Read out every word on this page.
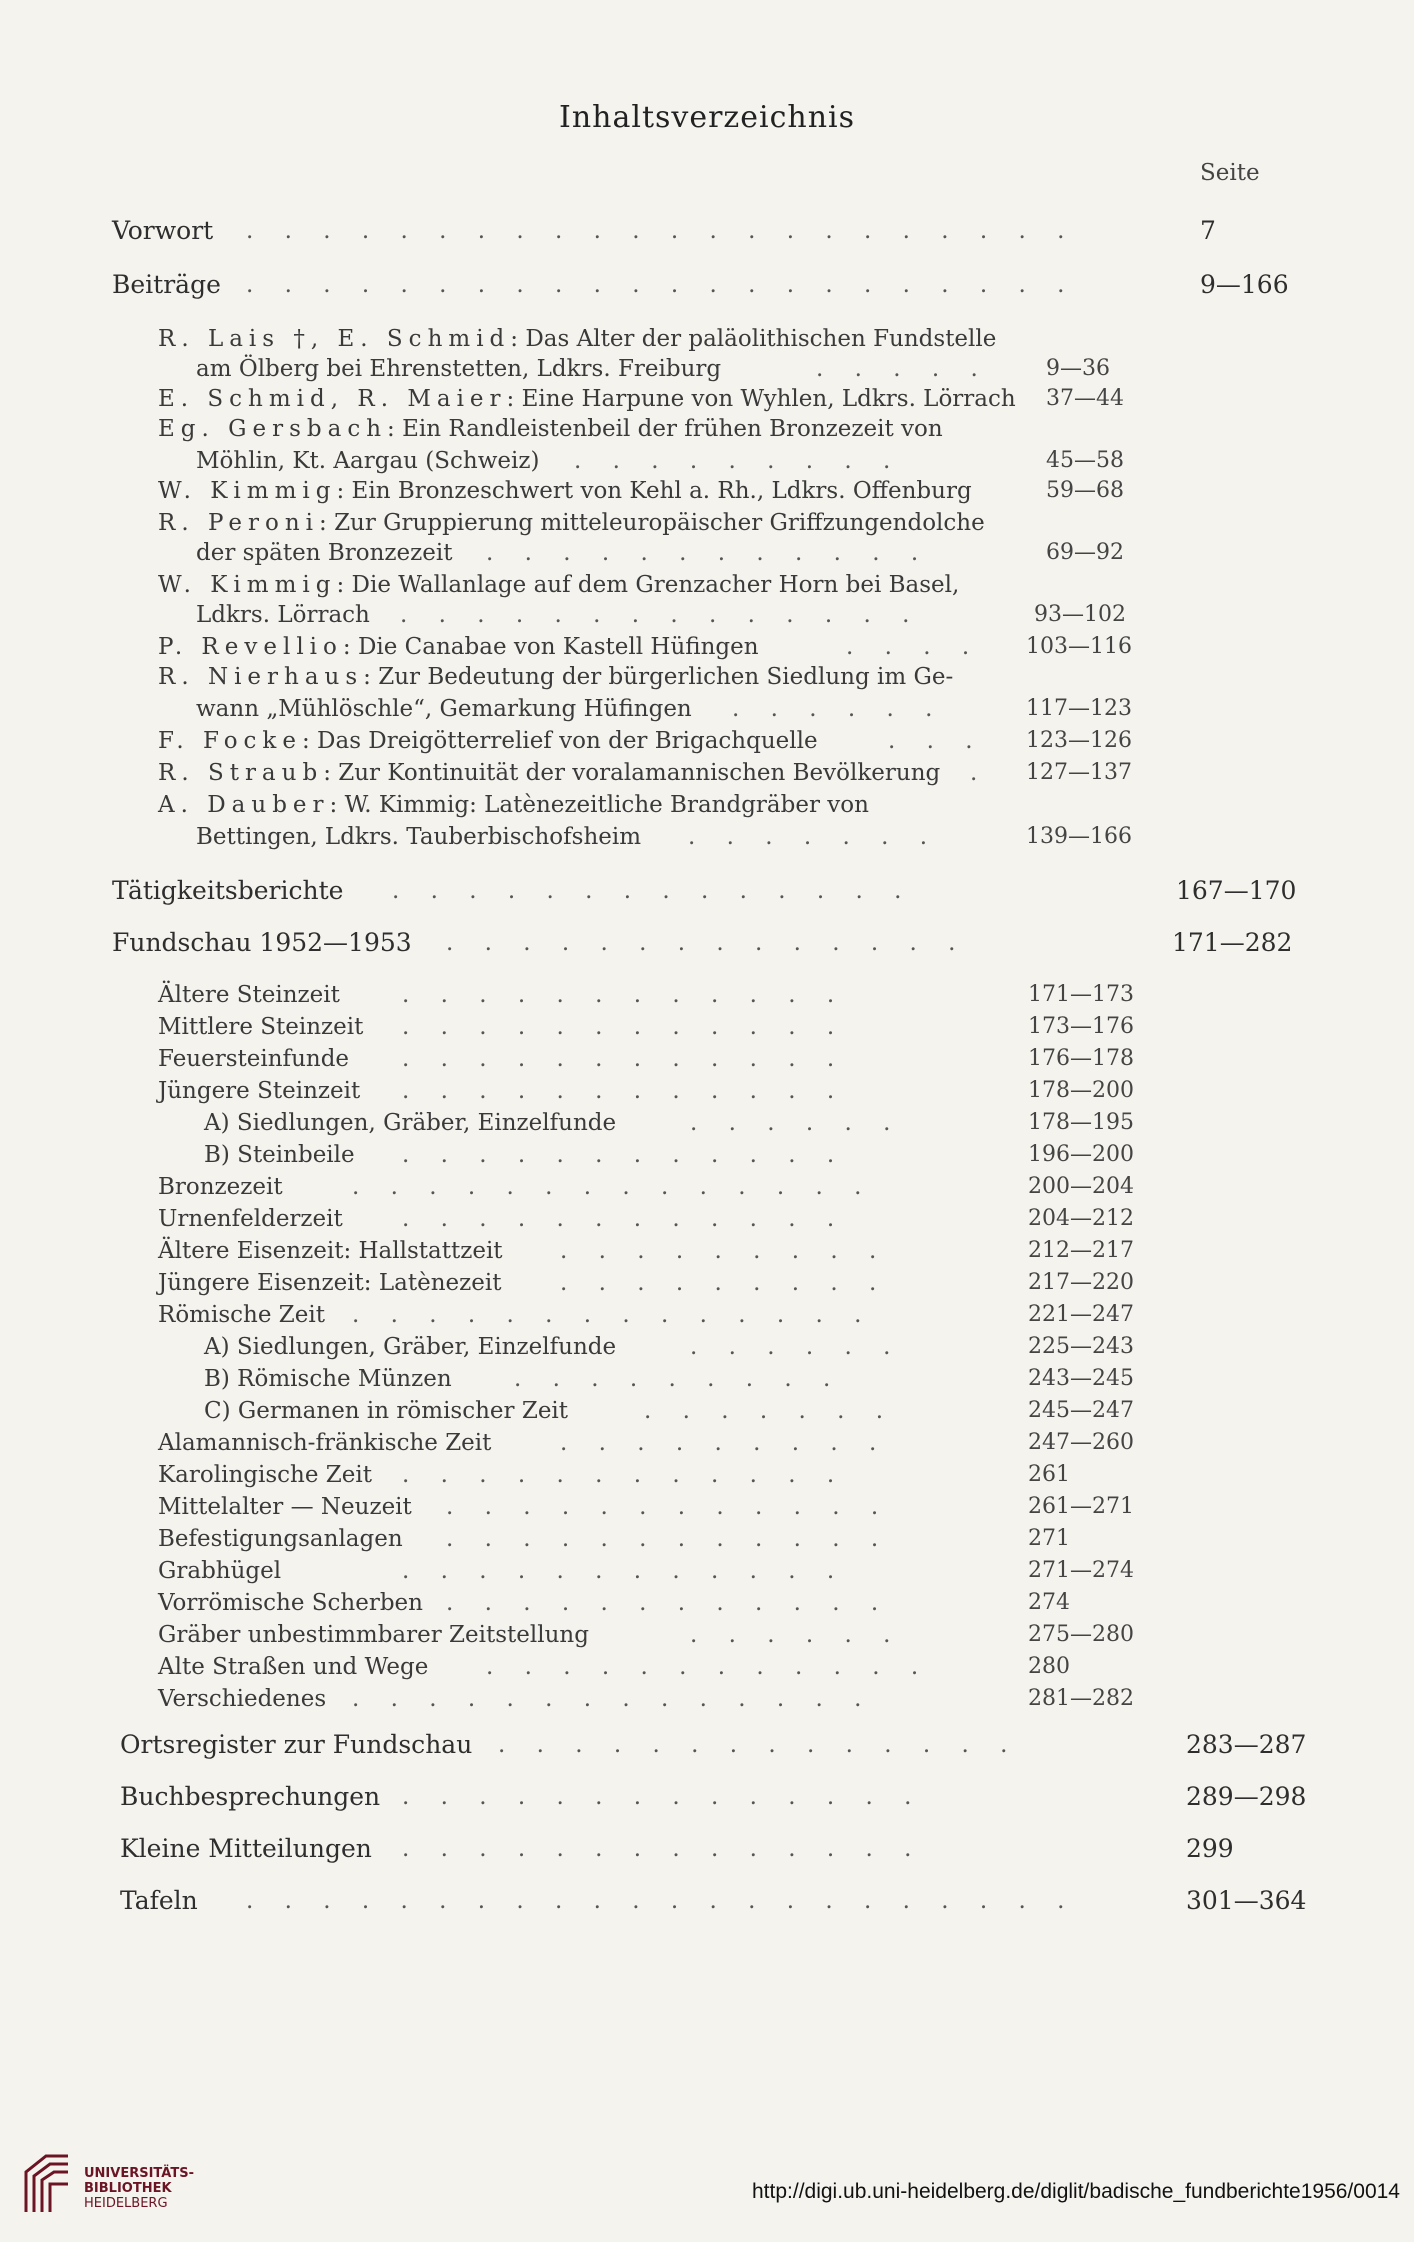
Inhaltsverzeichnis
Seite
Vorwort . . . . . . . . . . . . . . . . . . . . . .	7
Beiträge . . . . . . . . . . . . . . . . . . . . . .	9—166
R. Lais †, E. Schmid: Das Alter der paläolithischen Fundstelle
am Ölberg bei Ehrenstetten, Ldkrs. Freiburg	. . . . .	9—36
E. Schmid, R. Maier: Eine Harpune von Wyhlen, Ldkrs. Lörrach 37—44
Eg. Gersbach: Ein Randleistenbeil der frühen Bronzezeit von
Möhlin, Kt. Aargau (Schweiz) . . . . . . . . .	45—58
W. Kimmig: Ein Bronzeschwert von Kehl a. Rh., Ldkrs. Offenburg	59—68
R. Peroni: Zur Gruppierung mitteleuropäischer Griffzungendolche
der späten Bronzezeit . . . . . . . . . . . .	69—92
W. Kimmig: Die Wallanlage auf dem Grenzacher Horn bei Basel,
Ldkrs. Lörrach . . . . . . . . . . . . . .	93—102
P. Revellio: Die Canabae von Kastell Hüfingen	. . . . 103—116
R. Nierhaus: Zur Bedeutung der bürgerlichen Siedlung im Ge-
wann „Mühlöschle“, Gemarkung Hüfingen . . . . . .	117—123
F. Focke: Das Dreigötterrelief von der Brigachquelle	. . . 123—126
R. Straub: Zur Kontinuität der voralamannischen Bevölkerung . 127—137
A. Dauber: W. Kimmig: Latènezeitliche Brandgräber von
Bettingen, Ldkrs. Tauberbischofsheim . . . . . . .	139—166
Tätigkeitsberichte . . . . . . . . . . . . . .	167—170
Fundschau 1952—1953 . . . . . . . . . . . . . .	171—282
Ältere Steinzeit	. . . . . . . . . . . .	171—173
Mittlere Steinzeit . . . . . . . . . . . .	173—176
Feuersteinfunde . . . . . . . . . . . .	176—178
Jüngere Steinzeit . . . . . . . . . . . .	178—200
A) Siedlungen, Gräber, Einzelfunde	. . . . . .	178—195
B) Steinbeile . . . . . . . . . . . .	196—200
Bronzezeit	. . . . . . . . . . . . . .	200—204
Urnenfelderzeit	. . . . . . . . . . . .	204—212
Ältere Eisenzeit: Hallstattzeit . . . . . . . . .	212—217
Jüngere Eisenzeit: Latènezeit	. . . . . . . . .	217—220
Römische Zeit . . . . . . . . . . . . . .	221—247
A) Siedlungen, Gräber, Einzelfunde	. . . . . .	225—243
B) Römische Münzen	. . . . . . . . .	243—245
C) Germanen in römischer Zeit	. . . . . . .	245—247
Alamannisch-fränkische Zeit	. . . . . . . . .	247—260
Karolingische Zeit . . . . . . . . . . . .	261
Mittelalter — Neuzeit . . . . . . . . . . . .	261—271
Befestigungsanlagen . . . . . . . . . . . .	271
Grabhügel	. . . . . . . . . . . .	271—274
Vorrömische Scherben . . . . . . . . . . . .	274
Gräber unbestimmbarer Zeitstellung	. . . . . .	275—280
Alte Straßen und Wege	. . . . . . . . . . . .	280
Verschiedenes . . . . . . . . . . . . . .	281—282
Ortsregister zur Fundschau . . . . . . . . . . . . . .	283—287
Buchbesprechungen . . . . . . . . . . . . . .	289—298
Kleine Mitteilungen . . . . . . . . . . . . . .	299
Tafeln . . . . . . . . . . . . . . . . . . . . . .	301—364
UNIVERSITÄTS-
BIBLIOTHEK
HEIDELBERG
http://digi.ub.uni-heidelberg.de/diglit/badische_fundberichte1956/0014
